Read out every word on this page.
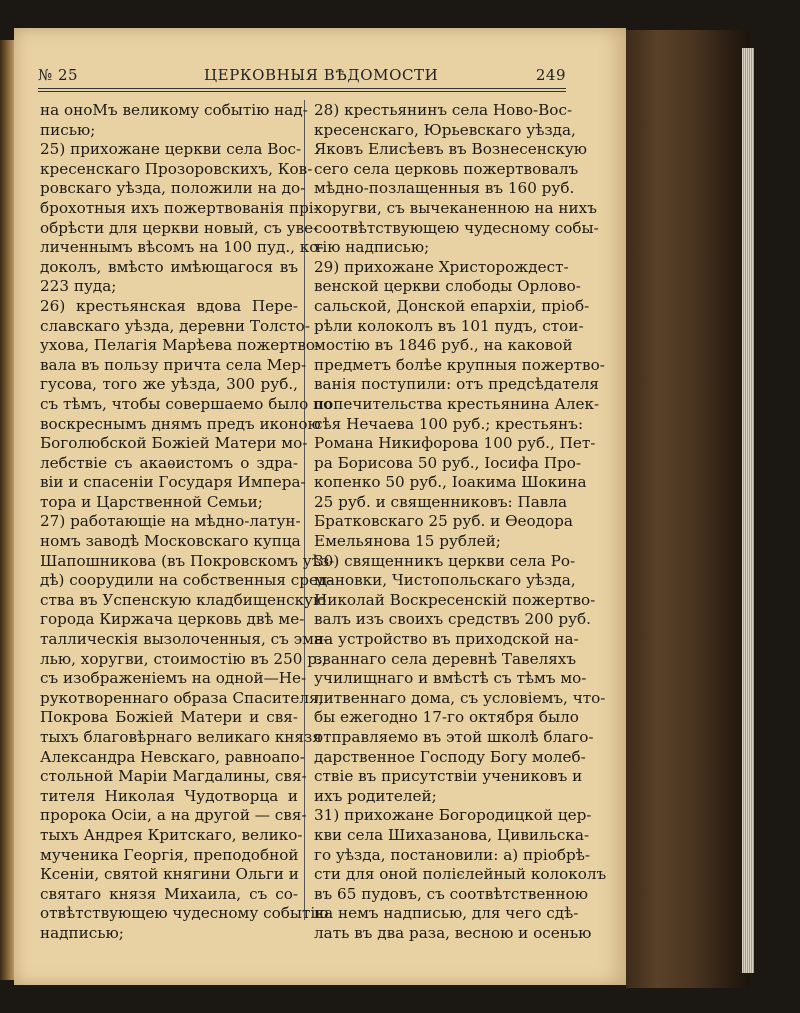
№ 25	ЦЕРКОВНЫЯ ВѢДОМОСТИ	249
на оноМъ великому событію над-
писью;
25) прихожане церкви села Вос-
кресенскаго Прозоровскихъ, Ков-
ровскаго уѣзда, положили на до-
брохотныя ихъ пожертвованія прі-
обрѣсти для церкви новый, съ уве-
личеннымъ вѣсомъ на 100 пуд., ко-
доколъ, вмѣсто имѣющагося въ
223 пуда;
26) крестьянская вдова Пере-
славскаго уѣзда, деревни Толсто-
ухова, Пелагія Марѣева пожертво-
вала въ пользу причта села Мер-
гусова, того же уѣзда, 300 руб.,
съ тѣмъ, чтобы совершаемо было по
воскреснымъ днямъ предъ иконою
Боголюбской Божіей Матери мо-
лебствіе съ акаѳистомъ о здра-
віи и спасеніи Государя Импера-
тора и Царственной Семьи;
27) работающіе на мѣдно-латун-
номъ заводѣ Московскаго купца
Шапошникова (въ Покровскомъ уѣз-
дѣ) соорудили на собственныя сред-
ства въ Успенскую кладбищенскую
города Киржача церковь двѣ ме-
таллическія вызолоченныя, съ эма-
лью, хоругви, стоимостію въ 250 р.,
съ изображеніемъ на одной—Не-
рукотвореннаго образа Спасителя,
Покрова Божіей Матери и свя-
тыхъ благовѣрнаго великаго князя
Александра Невскаго, равноапо-
стольной Маріи Магдалины, свя-
тителя Николая Чудотворца и
пророка Осіи, а на другой — свя-
тыхъ Андрея Критскаго, велико-
мученика Георгія, преподобной
Ксеніи, святой княгини Ольги и
святаго князя Михаила, съ со-
отвѣтствующею чудесному событію
надписью;
28) крестьянинъ села Ново-Вос-
кресенскаго, Юрьевскаго уѣзда,
Яковъ Елисѣевъ въ Вознесенскую
сего села церковь пожертвовалъ
мѣдно-позлащенныя въ 160 руб.
хоругви, съ вычеканенною на нихъ
соотвѣтствующею чудесному собы-
тію надписью;
29) прихожане Христорождест-
венской церкви слободы Орлово-
сальской, Донской епархіи, пріоб-
рѣли колоколъ въ 101 пудъ, стои-
мостію въ 1846 руб., на каковой
предметъ болѣе крупныя пожертво-
ванія поступили: отъ предсѣдателя
попечительства крестьянина Алек-
сѣя Нечаева 100 руб.; крестьянъ:
Романа Никифорова 100 руб., Пет-
ра Борисова 50 руб., Іосифа Про-
копенко 50 руб., Іоакима Шокина
25 руб. и священниковъ: Павла
Братковскаго 25 руб. и Ѳеодора
Емельянова 15 рублей;
30) священникъ церкви села Ро-
мановки, Чистопольскаго уѣзда,
Николай Воскресенскій пожертво-
валъ изъ своихъ средствъ 200 руб.
на устройство въ приходской на-
званнаго села деревнѣ Тавеляхъ
училищнаго и вмѣстѣ съ тѣмъ мо-
литвеннаго дома, съ условіемъ, что-
бы ежегодно 17-го октября было
отправляемо въ этой школѣ благо-
дарственное Господу Богу молеб-
ствіе въ присутствіи учениковъ и
ихъ родителей;
31) прихожане Богородицкой цер-
кви села Шихазанова, Цивильска-
го уѣзда, постановили: а) пріобрѣ-
сти для оной полієлейный колоколъ
въ 65 пудовъ, съ соотвѣтственною
на немъ надписью, для чего сдѣ-
лать въ два раза, весною и осенью
